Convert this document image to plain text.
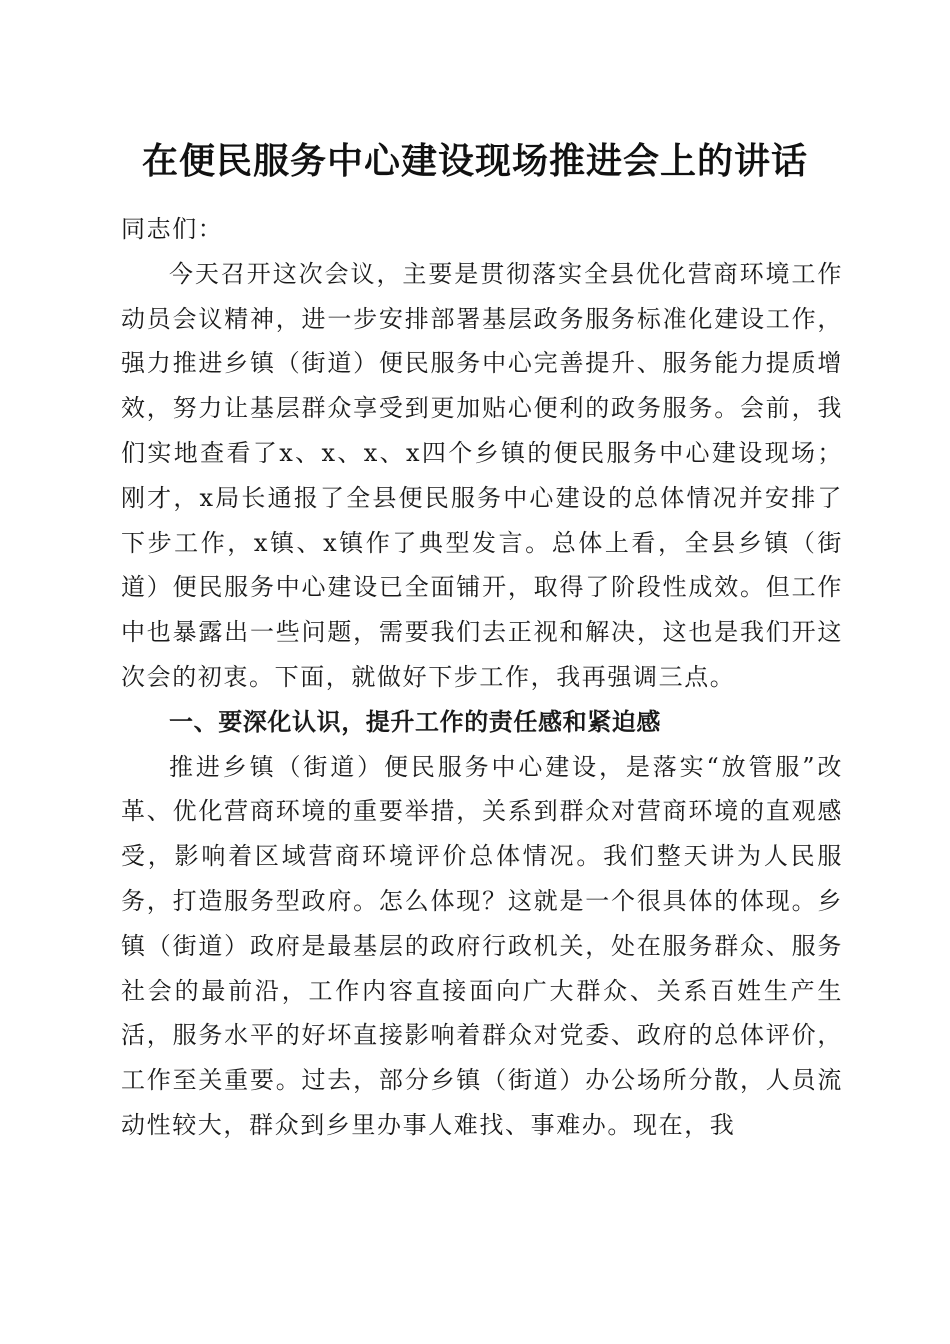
在便民服务中心建设现场推进会上的讲话

同志们：

今天召开这次会议，主要是贯彻落实全县优化营商环境工作动员会议精神，进一步安排部署基层政务服务标准化建设工作，强力推进乡镇（街道）便民服务中心完善提升、服务能力提质增效，努力让基层群众享受到更加贴心便利的政务服务。会前，我们实地查看了x、x、x、x四个乡镇的便民服务中心建设现场；刚才，x局长通报了全县便民服务中心建设的总体情况并安排了下步工作，x镇、x镇作了典型发言。总体上看，全县乡镇（街道）便民服务中心建设已全面铺开，取得了阶段性成效。但工作中也暴露出一些问题，需要我们去正视和解决，这也是我们开这次会的初衷。下面，就做好下步工作，我再强调三点。

一、要深化认识，提升工作的责任感和紧迫感

推进乡镇（街道）便民服务中心建设，是落实“放管服”改革、优化营商环境的重要举措，关系到群众对营商环境的直观感受，影响着区域营商环境评价总体情况。我们整天讲为人民服务，打造服务型政府。怎么体现？这就是一个很具体的体现。乡镇（街道）政府是最基层的政府行政机关，处在服务群众、服务社会的最前沿，工作内容直接面向广大群众、关系百姓生产生活，服务水平的好坏直接影响着群众对党委、政府的总体评价，工作至关重要。过去，部分乡镇（街道）办公场所分散，人员流动性较大，群众到乡里办事人难找、事难办。现在，我
